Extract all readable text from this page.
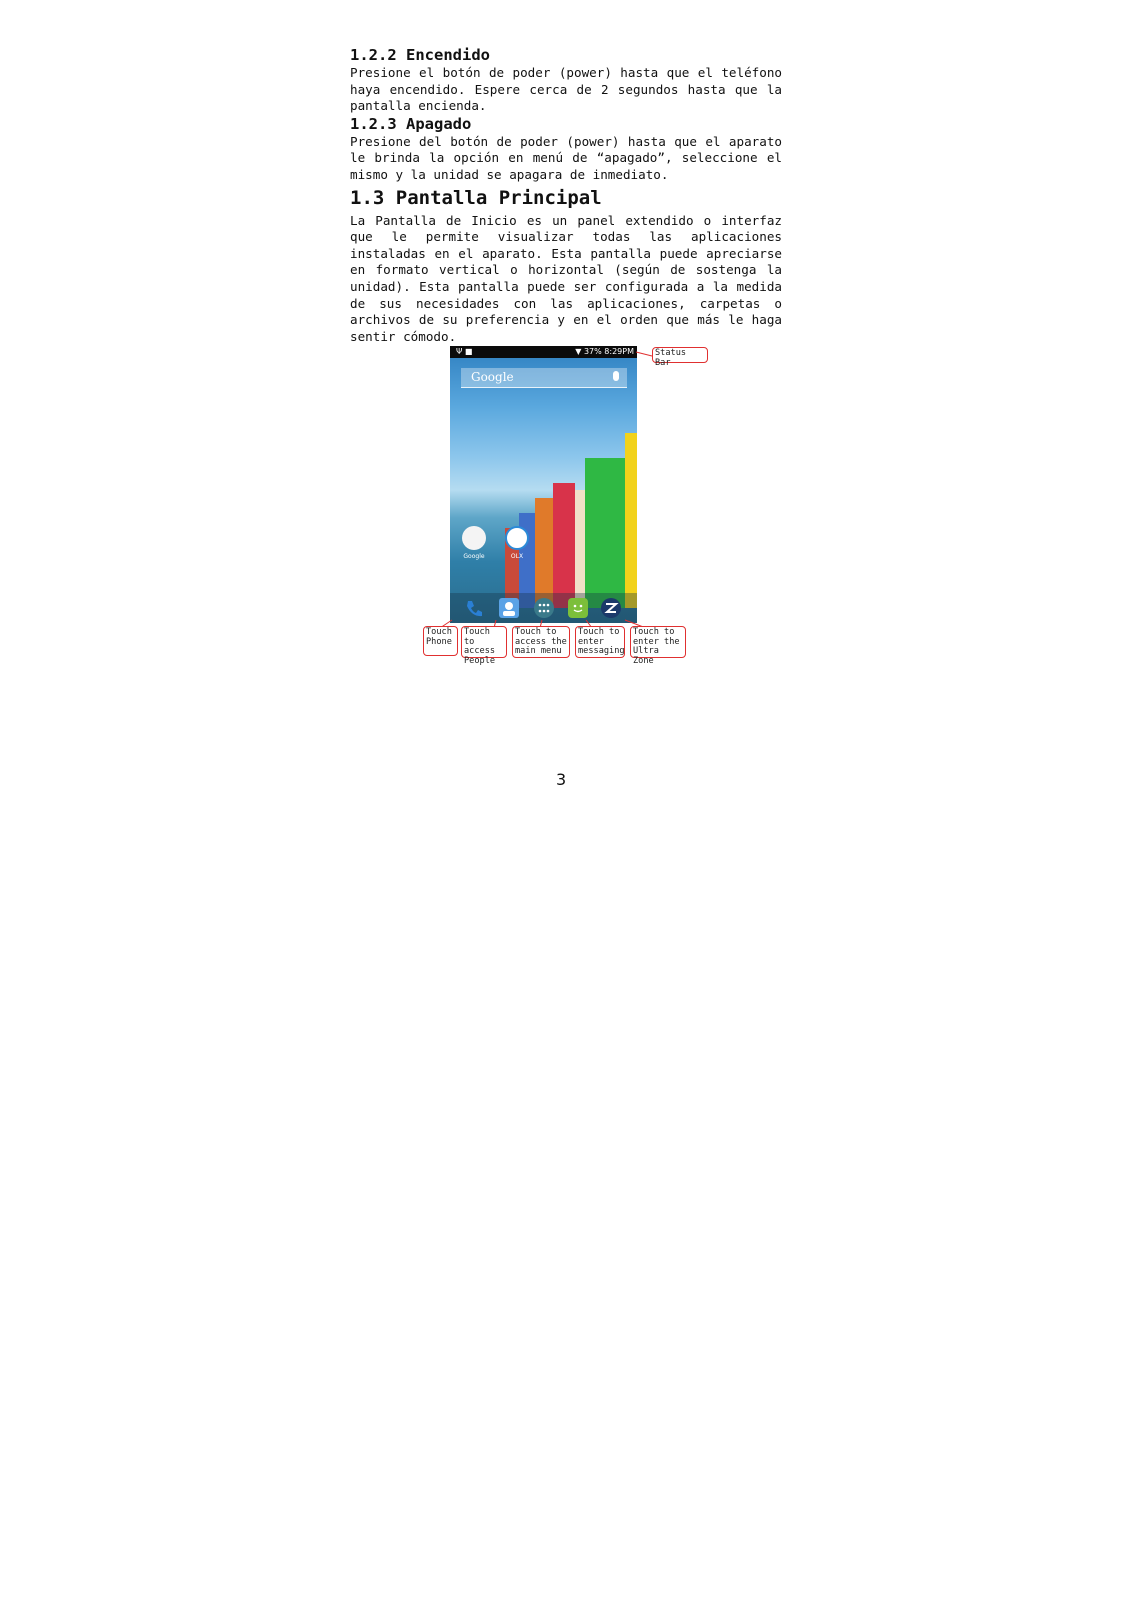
1.2.2 Encendido

Presione el botón de poder (power) hasta que el teléfono haya encendido. Espere cerca de 2 segundos hasta que la pantalla encienda.

1.2.3 Apagado

Presione del botón de poder (power) hasta que el aparato le brinda la opción en menú de “apagado”, seleccione el mismo y la unidad se apagara de inmediato.

1.3 Pantalla Principal

La Pantalla de Inicio es un panel extendido o interfaz que le permite visualizar todas las aplicaciones instaladas en el aparato. Esta pantalla puede apreciarse en formato vertical o horizontal (según de sostenga la unidad). Esta pantalla puede ser configurada a la medida de sus necesidades con las aplicaciones, carpetas o archivos de su preferencia y en el orden que más le haga sentir cómodo.

Ψ ■	▼ 37% 8:29PM
Google
Google	OLX
Status Bar
Touch
Phone
Touch to
access
People
Touch to
access the
main menu
Touch to
enter
messaging
Touch to
enter the
Ultra Zone
3
